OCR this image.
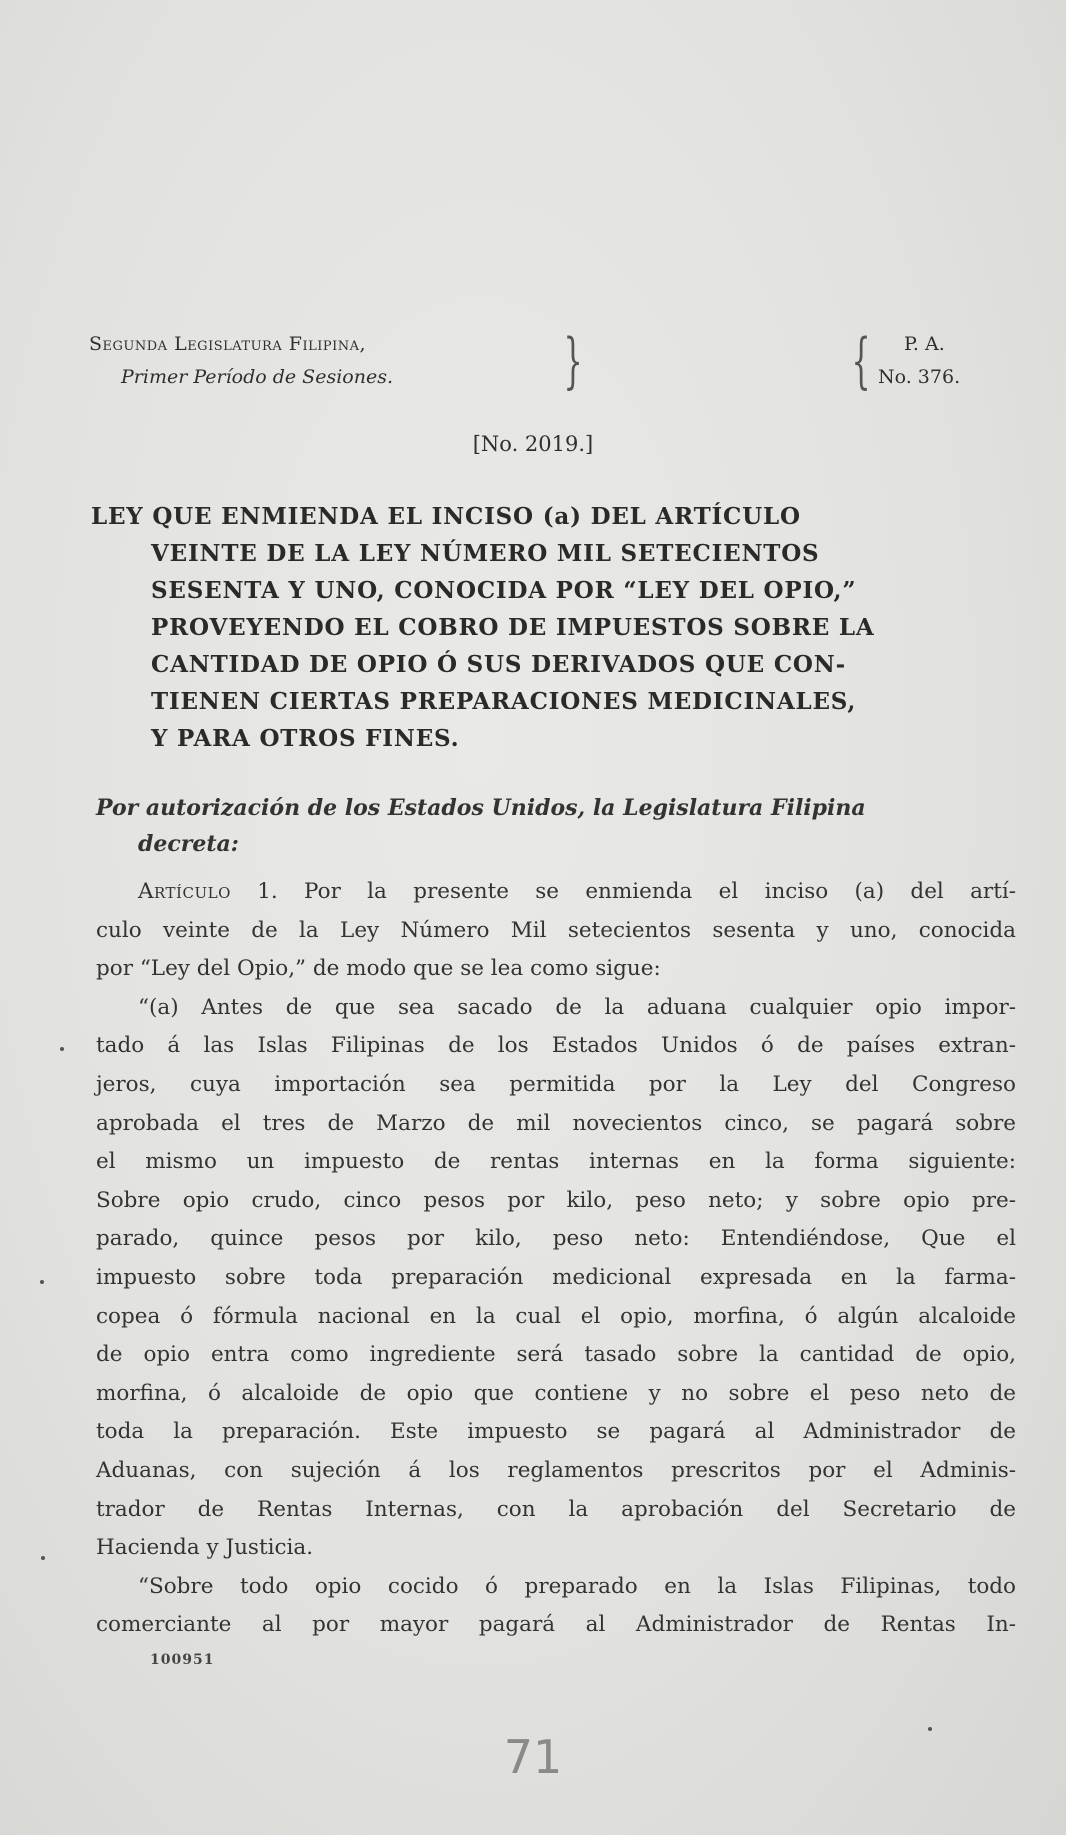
Segunda Legislatura Filipina,
Primer Período de Sesiones.	}	{	P. A.
No. 376.
[No. 2019.]
LEY QUE ENMIENDA EL INCISO (a) DEL ARTÍCULO
VEINTE DE LA LEY NÚMERO MIL SETECIENTOS
SESENTA Y UNO, CONOCIDA POR “LEY DEL OPIO,”
PROVEYENDO EL COBRO DE IMPUESTOS SOBRE LA
CANTIDAD DE OPIO Ó SUS DERIVADOS QUE CON-
TIENEN CIERTAS PREPARACIONES MEDICINALES,
Y PARA OTROS FINES.
Por autorización de los Estados Unidos, la Legislatura Filipina
decreta:
Artículo 1. Por la presente se enmienda el inciso (a) del artí-
culo veinte de la Ley Número Mil setecientos sesenta y uno, conocida
por “Ley del Opio,” de modo que se lea como sigue:
“(a) Antes de que sea sacado de la aduana cualquier opio impor-
tado á las Islas Filipinas de los Estados Unidos ó de países extran-
jeros, cuya importación sea permitida por la Ley del Congreso
aprobada el tres de Marzo de mil novecientos cinco, se pagará sobre
el mismo un impuesto de rentas internas en la forma siguiente:
Sobre opio crudo, cinco pesos por kilo, peso neto; y sobre opio pre-
parado, quince pesos por kilo, peso neto: Entendiéndose, Que el
impuesto sobre toda preparación medicional expresada en la farma-
copea ó fórmula nacional en la cual el opio, morfina, ó algún alcaloide
de opio entra como ingrediente será tasado sobre la cantidad de opio,
morfina, ó alcaloide de opio que contiene y no sobre el peso neto de
toda la preparación. Este impuesto se pagará al Administrador de
Aduanas, con sujeción á los reglamentos prescritos por el Adminis-
trador de Rentas Internas, con la aprobación del Secretario de
Hacienda y Justicia.
“Sobre todo opio cocido ó preparado en la Islas Filipinas, todo
comerciante al por mayor pagará al Administrador de Rentas In-
100951
71
